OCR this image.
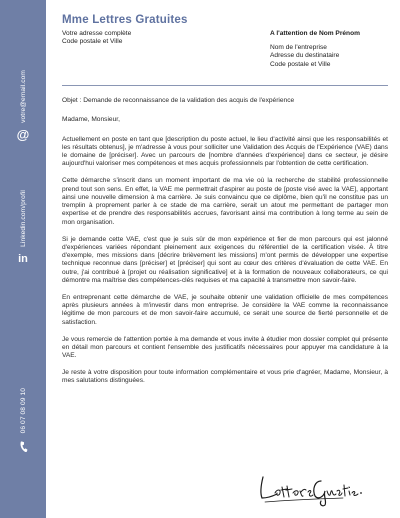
votre@email.com
@
Linkedin.com/profil
in
06 07 08 09 10
Mme Lettres Gratuites
Votre adresse complète
Code postale et Ville
A l'attention de Nom Prénom
Nom de l'entreprise
Adresse du destinataire
Code postale et Ville

Objet : Demande de reconnaissance de la validation des acquis de l'expérience

Madame, Monsieur,

Actuellement en poste en tant que [description du poste actuel, le lieu d'activité ainsi que les responsabilités et les résultats obtenus], je m'adresse à vous pour solliciter une Validation des Acquis de l'Expérience (VAE) dans le domaine de [préciser]. Avec un parcours de [nombre d'années d'expérience] dans ce secteur, je désire aujourd'hui valoriser mes compétences et mes acquis professionnels par l'obtention de cette certification.

Cette démarche s'inscrit dans un moment important de ma vie où la recherche de stabilité professionnelle prend tout son sens. En effet, la VAE me permettrait d'aspirer au poste de [poste visé avec la VAE], apportant ainsi une nouvelle dimension à ma carrière. Je suis convaincu que ce diplôme, bien qu'il ne constitue pas un tremplin à proprement parler à ce stade de ma carrière, serait un atout me permettant de partager mon expertise et de prendre des responsabilités accrues, favorisant ainsi ma contribution à long terme au sein de mon organisation.

Si je demande cette VAE, c'est que je suis sûr de mon expérience et fier de mon parcours qui est jalonné d'expériences variées répondant pleinement aux exigences du référentiel de la certification visée. À titre d'exemple, mes missions dans [décrire brièvement les missions] m'ont permis de développer une expertise technique reconnue dans [préciser] et [préciser] qui sont au cœur des critères d'évaluation de cette VAE. En outre, j'ai contribué à [projet ou réalisation significative] et à la formation de nouveaux collaborateurs, ce qui démontre ma maîtrise des compétences-clés requises et ma capacité à transmettre mon savoir-faire.

En entreprenant cette démarche de VAE, je souhaite obtenir une validation officielle de mes compétences après plusieurs années à m'investir dans mon entreprise. Je considère la VAE comme la reconnaissance légitime de mon parcours et de mon savoir-faire accumulé, ce serait une source de fierté personnelle et de satisfaction.

Je vous remercie de l'attention portée à ma demande et vous invite à étudier mon dossier complet qui présente en détail mon parcours et contient l'ensemble des justificatifs nécessaires pour appuyer ma candidature à la VAE.

Je reste à votre disposition pour toute information complémentaire et vous prie d'agréer, Madame, Monsieur, à mes salutations distinguées.
